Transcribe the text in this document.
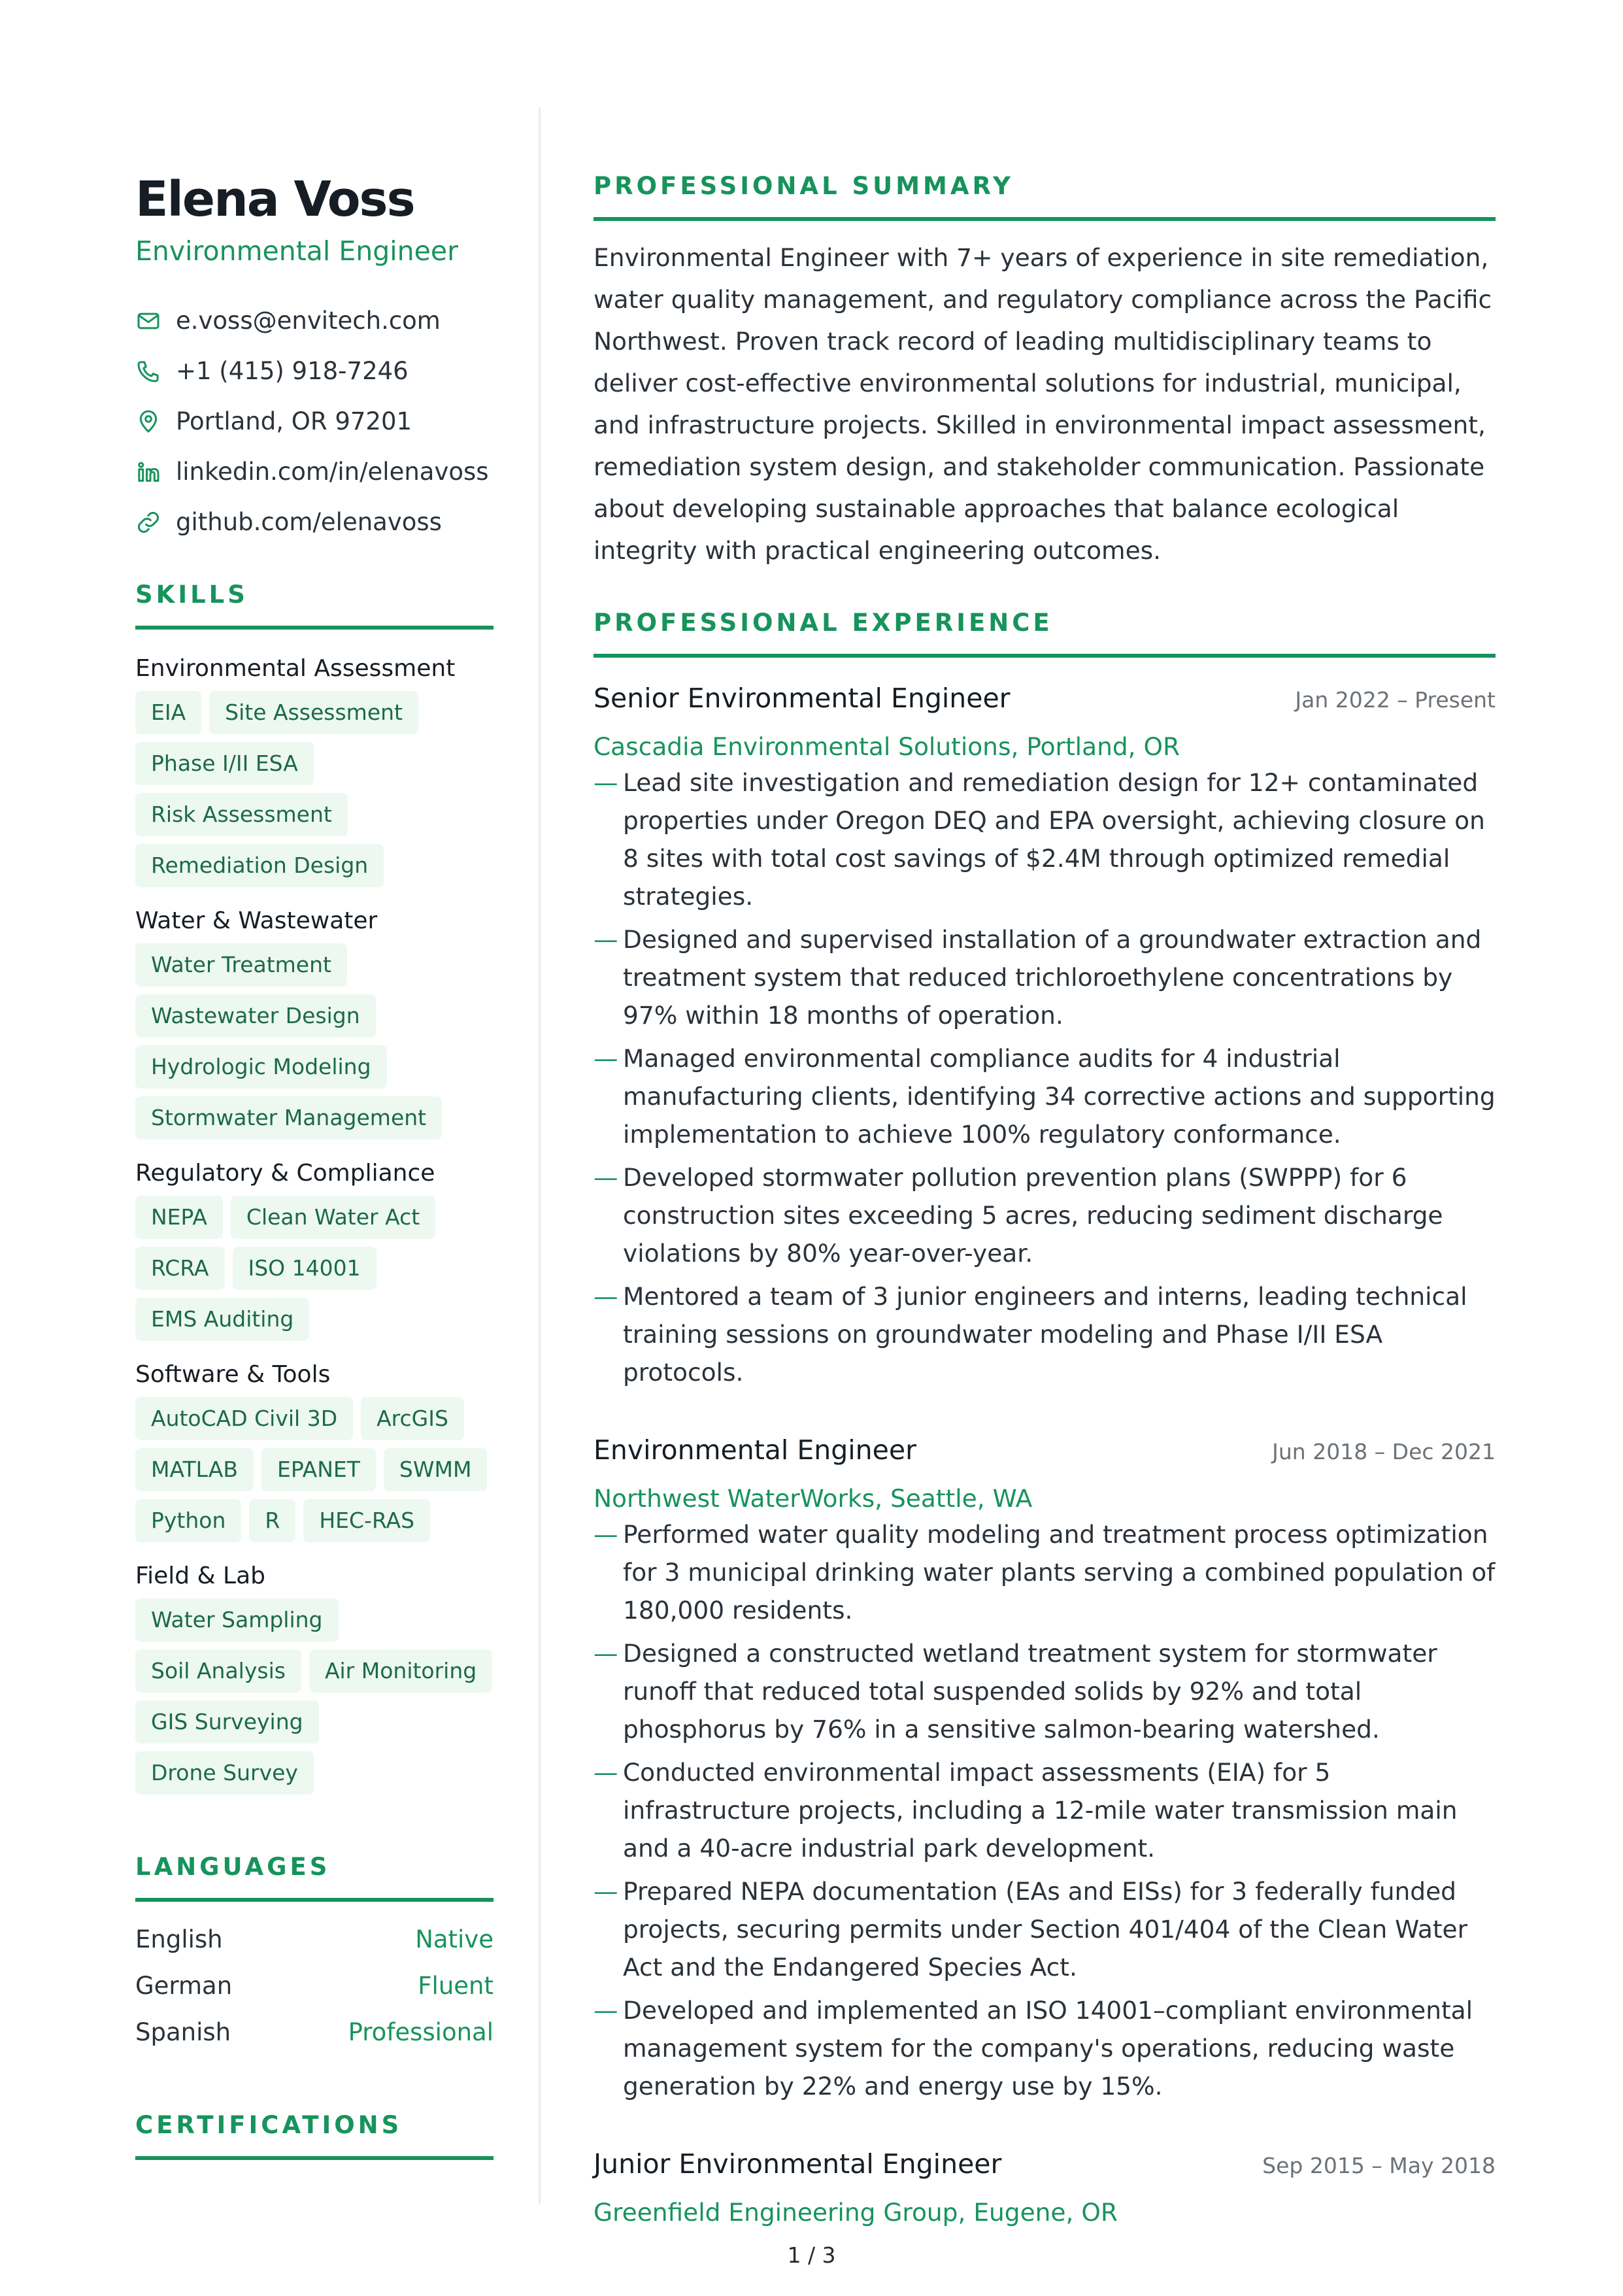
Elena Voss
Environmental Engineer
e.voss@envitech.com
+1 (415) 918-7246
Portland, OR 97201
linkedin.com/in/elenavoss
github.com/elenavoss
SKILLS
Environmental Assessment
EIA	Site Assessment
Phase I/II ESA
Risk Assessment
Remediation Design
Water & Wastewater
Water Treatment
Wastewater Design
Hydrologic Modeling
Stormwater Management
Regulatory & Compliance
NEPA	Clean Water Act
RCRA	ISO 14001
EMS Auditing
Software & Tools
AutoCAD Civil 3D	ArcGIS
MATLAB	EPANET	SWMM
Python	R	HEC-RAS
Field & Lab
Water Sampling
Soil Analysis	Air Monitoring
GIS Surveying
Drone Survey
LANGUAGES
English	Native
German	Fluent
Spanish	Professional
CERTIFICATIONS
PROFESSIONAL SUMMARY
Environmental Engineer with 7+ years of experience in site remediation, water quality management, and regulatory compliance across the Pacific Northwest. Proven track record of leading multidisciplinary teams to deliver cost-effective environmental solutions for industrial, municipal, and infrastructure projects. Skilled in environmental impact assessment, remediation system design, and stakeholder communication. Passionate about developing sustainable approaches that balance ecological integrity with practical engineering outcomes.
PROFESSIONAL EXPERIENCE
Senior Environmental Engineer	Jan 2022 – Present
Cascadia Environmental Solutions, Portland, OR
— Lead site investigation and remediation design for 12+ contaminated properties under Oregon DEQ and EPA oversight, achieving closure on 8 sites with total cost savings of $2.4M through optimized remedial strategies.
— Designed and supervised installation of a groundwater extraction and treatment system that reduced trichloroethylene concentrations by 97% within 18 months of operation.
— Managed environmental compliance audits for 4 industrial manufacturing clients, identifying 34 corrective actions and supporting implementation to achieve 100% regulatory conformance.
— Developed stormwater pollution prevention plans (SWPPP) for 6 construction sites exceeding 5 acres, reducing sediment discharge violations by 80% year-over-year.
— Mentored a team of 3 junior engineers and interns, leading technical training sessions on groundwater modeling and Phase I/II ESA protocols.
Environmental Engineer	Jun 2018 – Dec 2021
Northwest WaterWorks, Seattle, WA
— Performed water quality modeling and treatment process optimization for 3 municipal drinking water plants serving a combined population of 180,000 residents.
— Designed a constructed wetland treatment system for stormwater runoff that reduced total suspended solids by 92% and total phosphorus by 76% in a sensitive salmon-bearing watershed.
— Conducted environmental impact assessments (EIA) for 5 infrastructure projects, including a 12-mile water transmission main and a 40-acre industrial park development.
— Prepared NEPA documentation (EAs and EISs) for 3 federally funded projects, securing permits under Section 401/404 of the Clean Water Act and the Endangered Species Act.
— Developed and implemented an ISO 14001–compliant environmental management system for the company's operations, reducing waste generation by 22% and energy use by 15%.
Junior Environmental Engineer	Sep 2015 – May 2018
Greenfield Engineering Group, Eugene, OR
1 / 3
